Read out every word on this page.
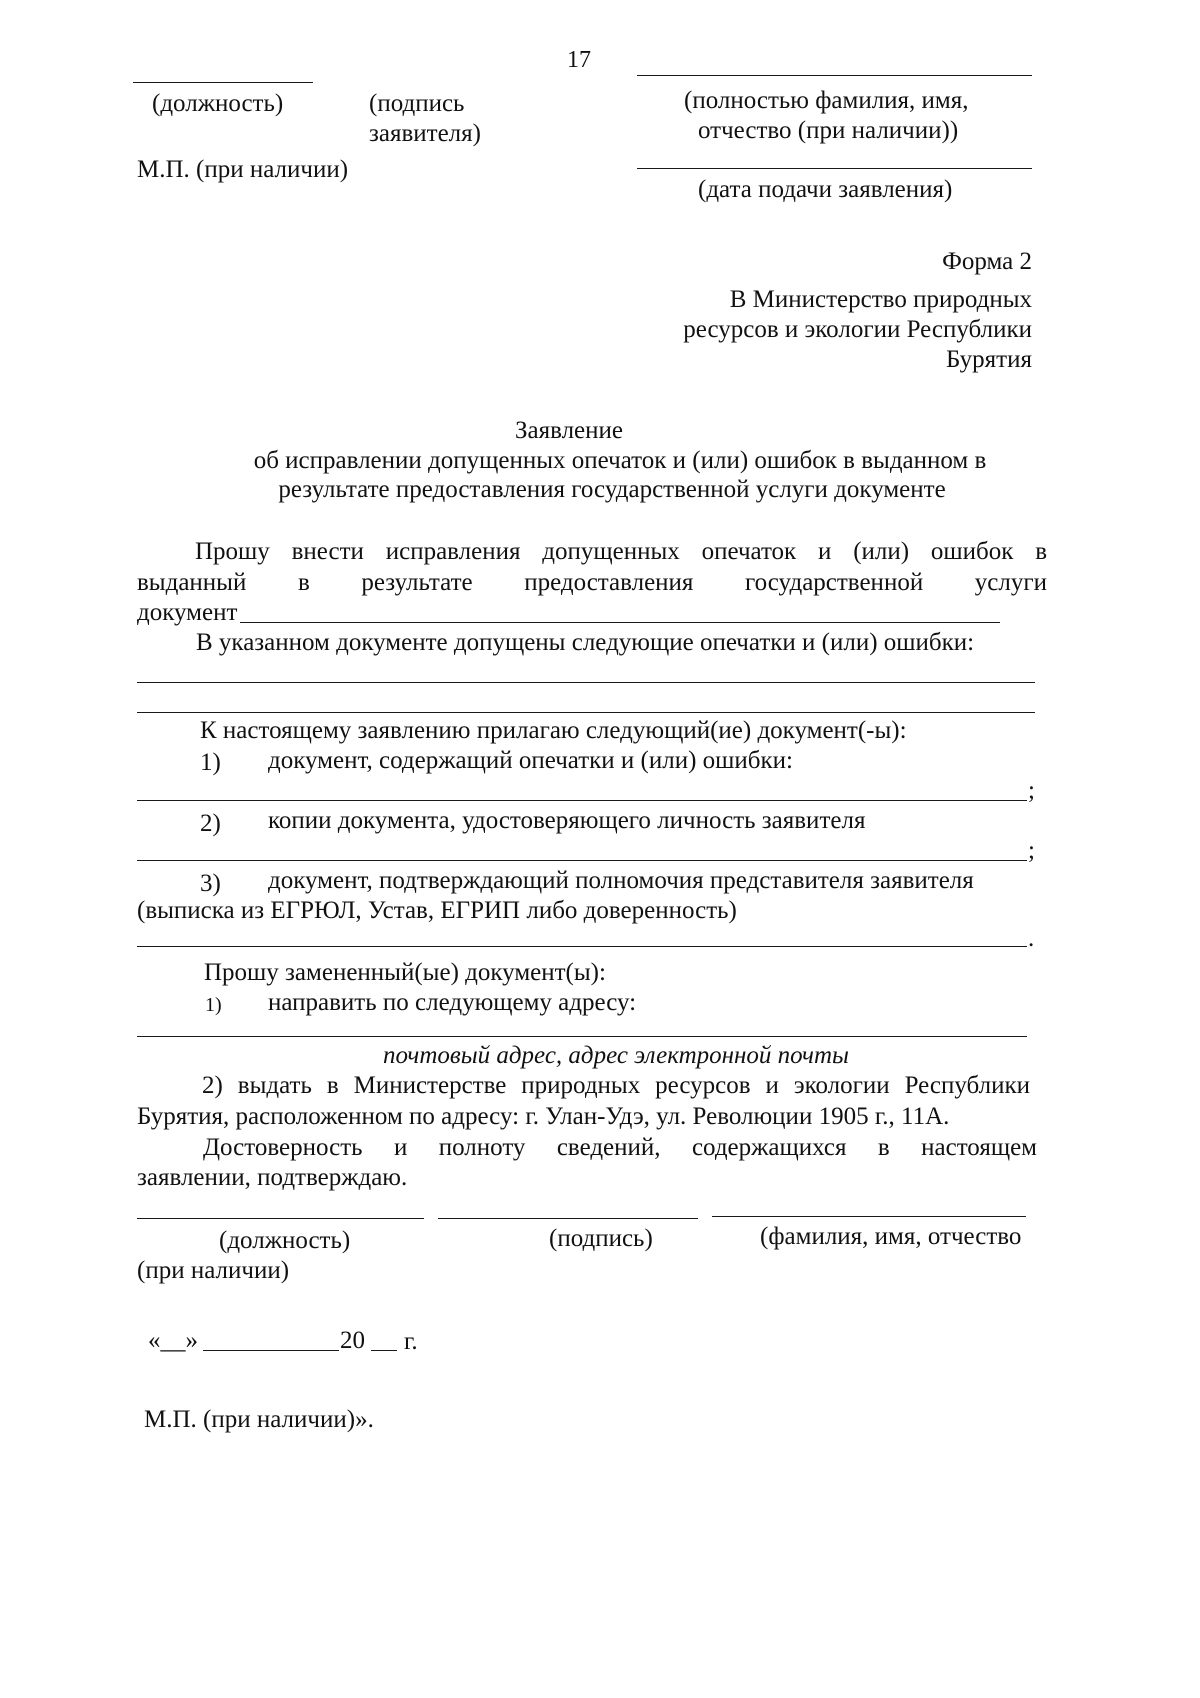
17
(должность)	(подпись
заявителя)
(полностью фамилия, имя,
отчество (при наличии))
М.П. (при наличии)
(дата подачи заявления)
Форма 2
В Министерство природных
ресурсов и экологии Республики
Бурятия
Заявление
об исправлении допущенных опечаток и (или) ошибок в выданном в
результате предоставления государственной услуги документе
Прошу внести исправления допущенных опечаток и (или) ошибок в
выданный в результате предоставления государственной услуги
документ
В указанном документе допущены следующие опечатки и (или) ошибки:
К настоящему заявлению прилагаю следующий(ие) документ(-ы):
1) документ, содержащий опечатки и (или) ошибки:
;
2) копии документа, удостоверяющего личность заявителя
;
3) документ, подтверждающий полномочия представителя заявителя
(выписка из ЕГРЮЛ, Устав, ЕГРИП либо доверенность)
.
Прошу замененный(ые) документ(ы):
1) направить по следующему адресу:
почтовый адрес, адрес электронной почты
2) выдать в Министерстве природных ресурсов и экологии Республики
Бурятия, расположенном по адресу: г. Улан-Удэ, ул. Революции 1905 г., 11А.
Достоверность и полноту сведений, содержащихся в настоящем
заявлении, подтверждаю.
(должность)	(подпись)	(фамилия, имя, отчество
(при наличии)
«__»	20 г.
М.П. (при наличии)».
